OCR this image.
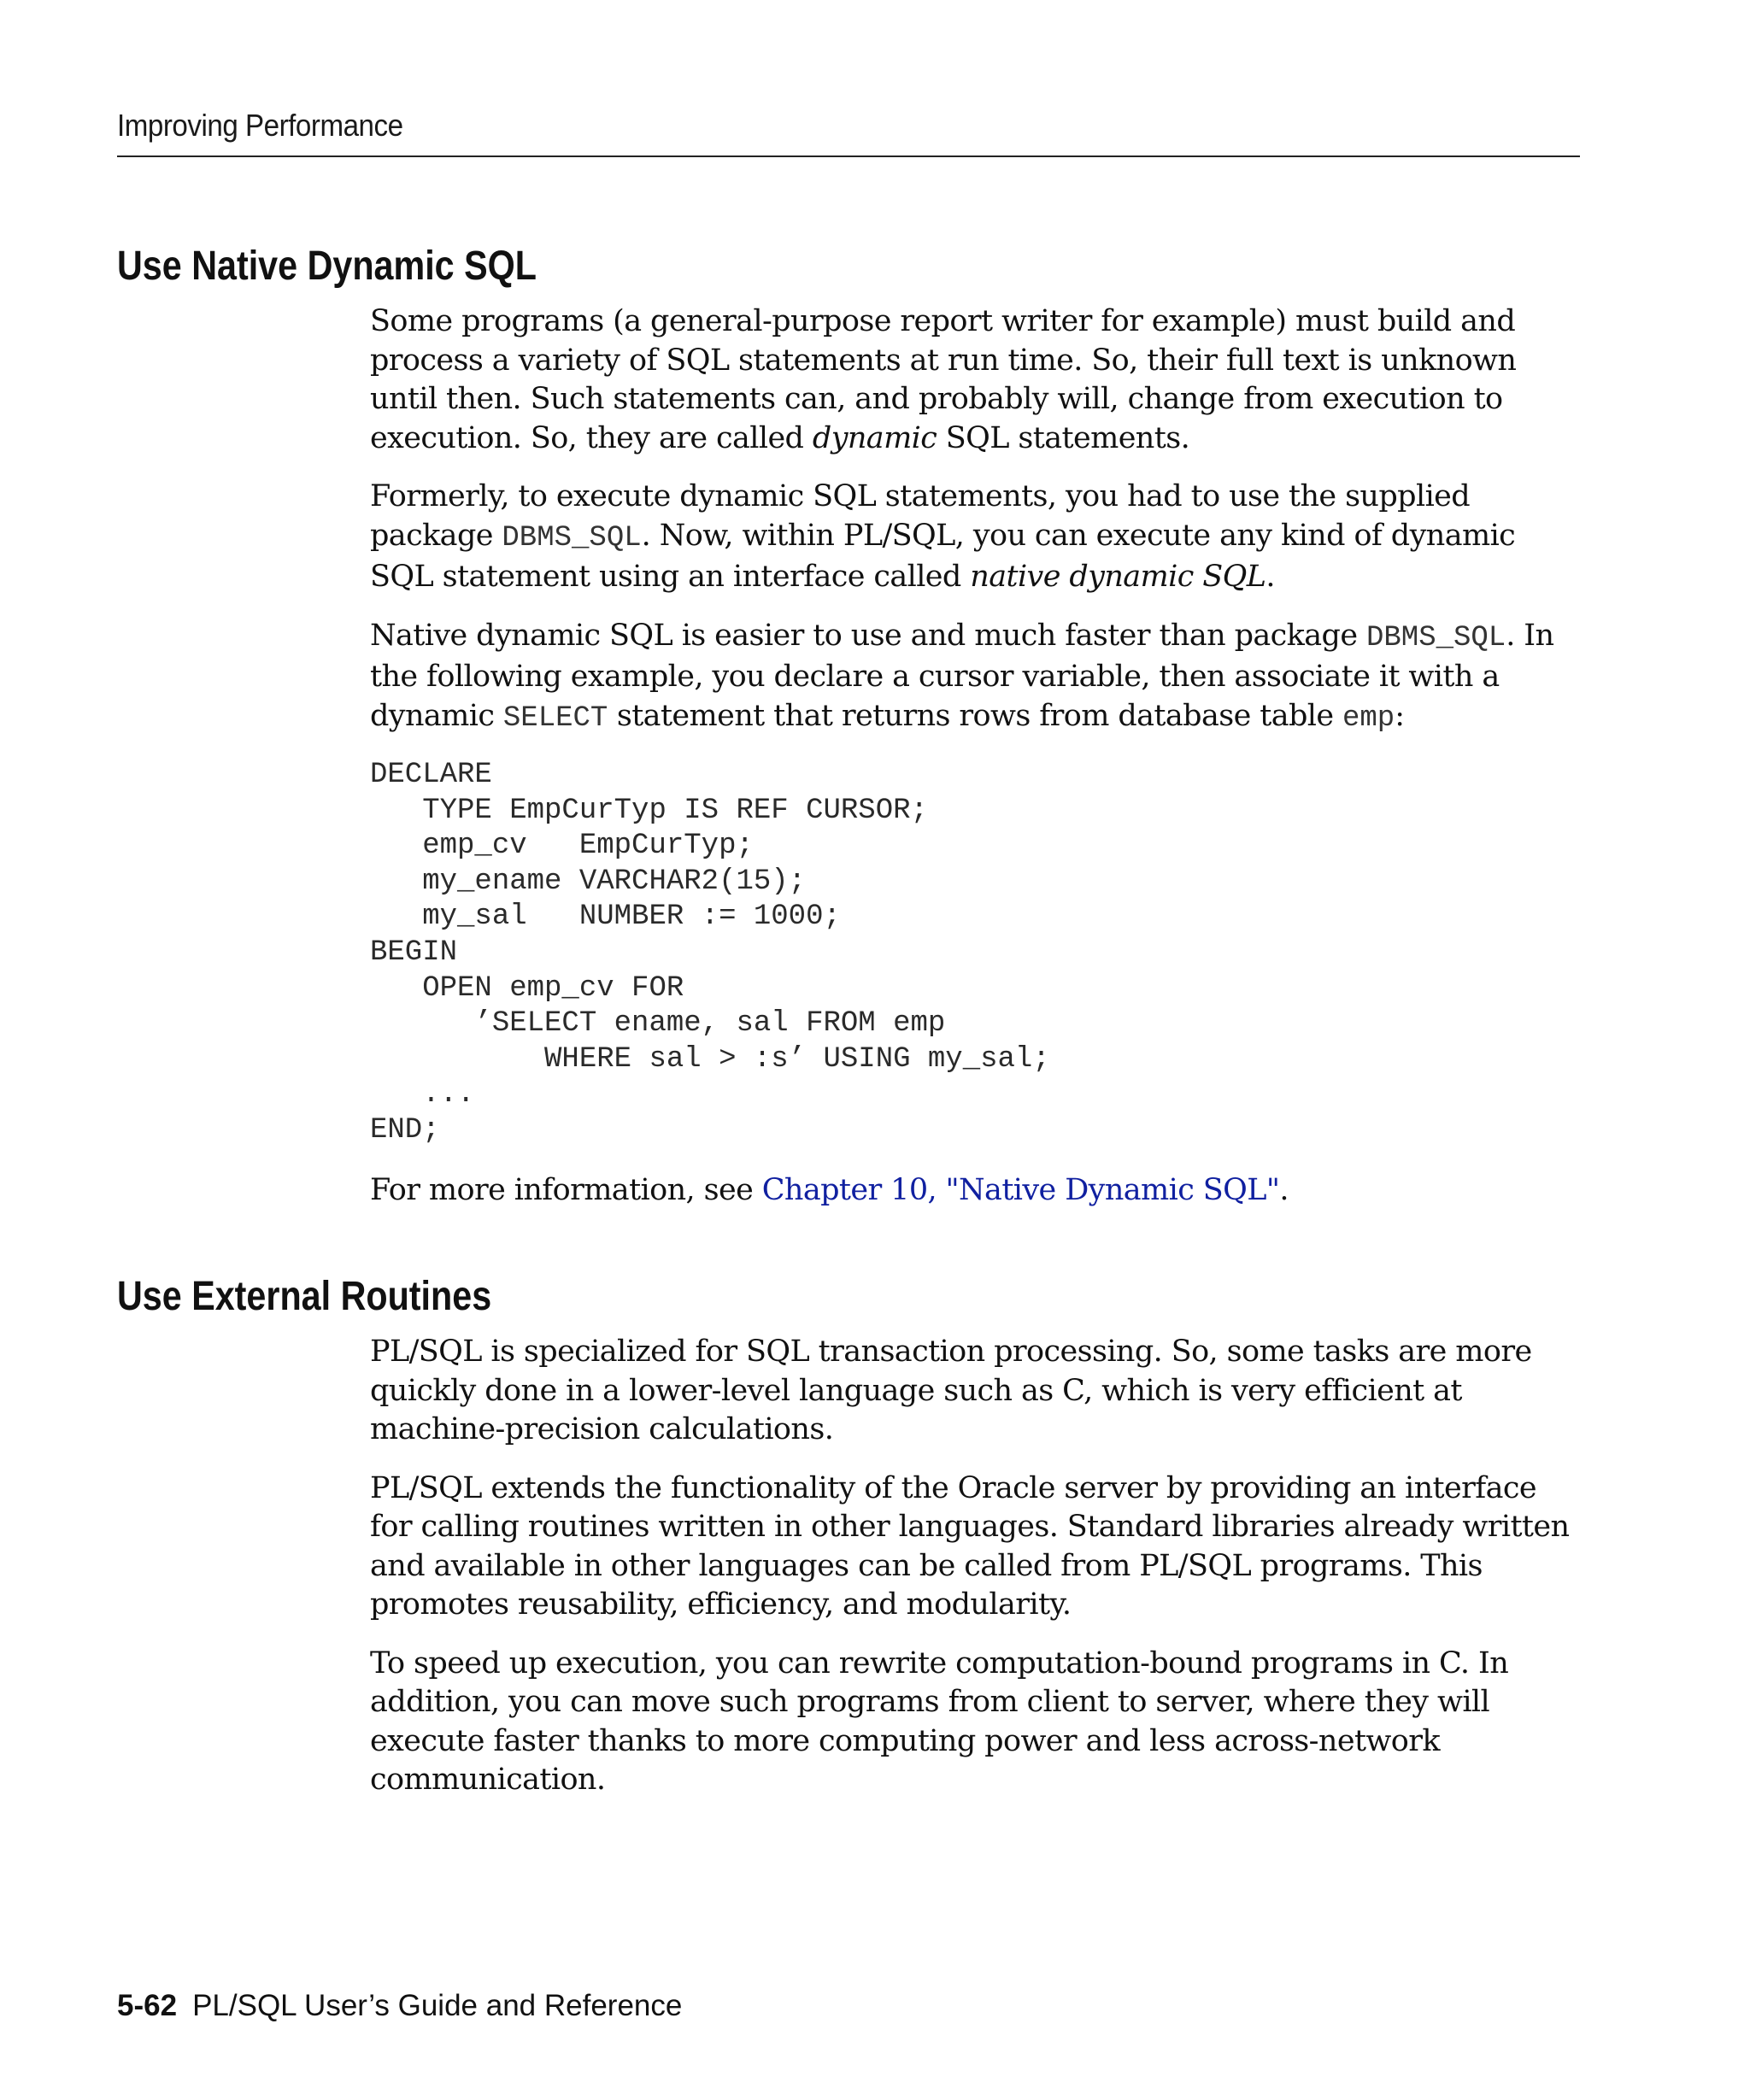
Improving Performance
Use Native Dynamic SQL

Some programs (a general-purpose report writer for example) must build and process a variety of SQL statements at run time. So, their full text is unknown until then. Such statements can, and probably will, change from execution to execution. So, they are called dynamic SQL statements.

Formerly, to execute dynamic SQL statements, you had to use the supplied package DBMS_SQL. Now, within PL/SQL, you can execute any kind of dynamic SQL statement using an interface called native dynamic SQL.

Native dynamic SQL is easier to use and much faster than package DBMS_SQL. In the following example, you declare a cursor variable, then associate it with a dynamic SELECT statement that returns rows from database table emp:

DECLARE
TYPE EmpCurTyp IS REF CURSOR;
emp_cv   EmpCurTyp;
my_ename VARCHAR2(15);
my_sal   NUMBER := 1000;
BEGIN
OPEN emp_cv FOR
’SELECT ename, sal FROM emp
WHERE sal > :s’ USING my_sal;
...
END;

For more information, see Chapter 10, "Native Dynamic SQL".

Use External Routines

PL/SQL is specialized for SQL transaction processing. So, some tasks are more quickly done in a lower-level language such as C, which is very efficient at machine-precision calculations.

PL/SQL extends the functionality of the Oracle server by providing an interface for calling routines written in other languages. Standard libraries already written and available in other languages can be called from PL/SQL programs. This promotes reusability, efficiency, and modularity.

To speed up execution, you can rewrite computation-bound programs in C. In addition, you can move such programs from client to server, where they will execute faster thanks to more computing power and less across-network communication.

5-62 PL/SQL User’s Guide and Reference
